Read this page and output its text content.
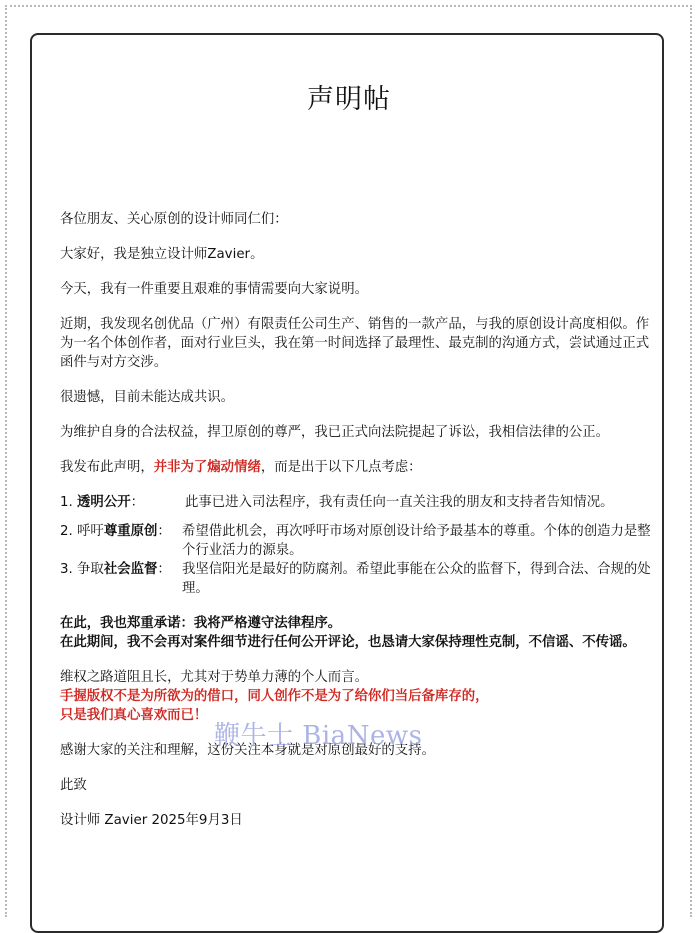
声明帖

各位朋友、关心原创的设计师同仁们：

大家好，我是独立设计师Zavier。

今天，我有一件重要且艰难的事情需要向大家说明。

近期，我发现名创优品（广州）有限责任公司生产、销售的一款产品，与我的原创设计高度相似。作为一名个体创作者，面对行业巨头，我在第一时间选择了最理性、最克制的沟通方式，尝试通过正式函件与对方交涉。

很遗憾，目前未能达成共识。

为维护自身的合法权益，捍卫原创的尊严，我已正式向法院提起了诉讼，我相信法律的公正。

我发布此声明，并非为了煽动情绪，而是出于以下几点考虑：

1. 透明公开：	此事已进入司法程序，我有责任向一直关注我的朋友和支持者告知情况。
2. 呼吁尊重原创： 希望借此机会，再次呼吁市场对原创设计给予最基本的尊重。个体的创造力是整个行业活力的源泉。
3. 争取社会监督： 我坚信阳光是最好的防腐剂。希望此事能在公众的监督下，得到合法、合规的处理。

在此，我也郑重承诺：我将严格遵守法律程序。

在此期间，我不会再对案件细节进行任何公开评论，也恳请大家保持理性克制，不信谣、不传谣。

维权之路道阻且长，尤其对于势单力薄的个人而言。

手握版权不是为所欲为的借口，同人创作不是为了给你们当后备库存的，

只是我们真心喜欢而已！

感谢大家的关注和理解，这份关注本身就是对原创最好的支持。

此致

设计师 Zavier 2025年9月3日

鞭牛士 BiaNews
